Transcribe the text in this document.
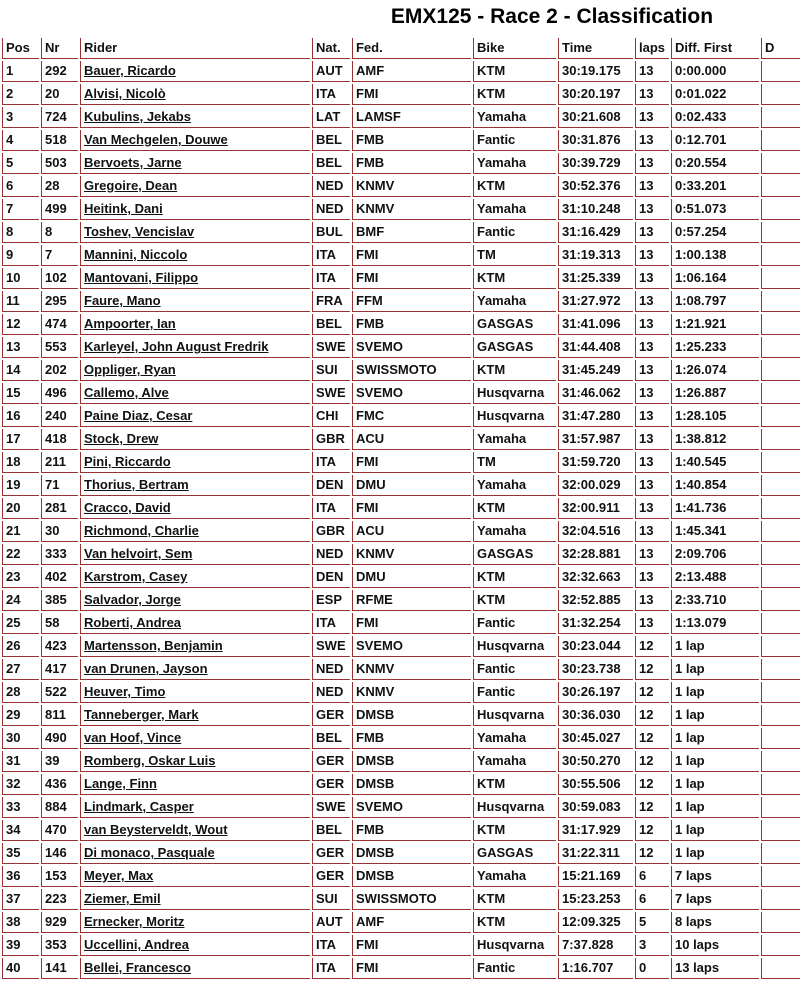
EMX125 - Race 2 - Classification
Pos	Nr	Rider	Nat.	Fed.	Bike	Time	laps	Diff. First	D
1	292	Bauer, Ricardo	AUT	AMF	KTM	30:19.175	13	0:00.000	
2	20	Alvisi, Nicolò	ITA	FMI	KTM	30:20.197	13	0:01.022	
3	724	Kubulins, Jekabs	LAT	LAMSF	Yamaha	30:21.608	13	0:02.433	
4	518	Van Mechgelen, Douwe	BEL	FMB	Fantic	30:31.876	13	0:12.701	
5	503	Bervoets, Jarne	BEL	FMB	Yamaha	30:39.729	13	0:20.554	
6	28	Gregoire, Dean	NED	KNMV	KTM	30:52.376	13	0:33.201	
7	499	Heitink, Dani	NED	KNMV	Yamaha	31:10.248	13	0:51.073	
8	8	Toshev, Vencislav	BUL	BMF	Fantic	31:16.429	13	0:57.254	
9	7	Mannini, Niccolo	ITA	FMI	TM	31:19.313	13	1:00.138	
10	102	Mantovani, Filippo	ITA	FMI	KTM	31:25.339	13	1:06.164	
11	295	Faure, Mano	FRA	FFM	Yamaha	31:27.972	13	1:08.797	
12	474	Ampoorter, Ian	BEL	FMB	GASGAS	31:41.096	13	1:21.921	
13	553	Karleyel, John August Fredrik	SWE	SVEMO	GASGAS	31:44.408	13	1:25.233	
14	202	Oppliger, Ryan	SUI	SWISSMOTO	KTM	31:45.249	13	1:26.074	
15	496	Callemo, Alve	SWE	SVEMO	Husqvarna	31:46.062	13	1:26.887	
16	240	Paine Diaz, Cesar	CHI	FMC	Husqvarna	31:47.280	13	1:28.105	
17	418	Stock, Drew	GBR	ACU	Yamaha	31:57.987	13	1:38.812	
18	211	Pini, Riccardo	ITA	FMI	TM	31:59.720	13	1:40.545	
19	71	Thorius, Bertram	DEN	DMU	Yamaha	32:00.029	13	1:40.854	
20	281	Cracco, David	ITA	FMI	KTM	32:00.911	13	1:41.736	
21	30	Richmond, Charlie	GBR	ACU	Yamaha	32:04.516	13	1:45.341	
22	333	Van helvoirt, Sem	NED	KNMV	GASGAS	32:28.881	13	2:09.706	
23	402	Karstrom, Casey	DEN	DMU	KTM	32:32.663	13	2:13.488	
24	385	Salvador, Jorge	ESP	RFME	KTM	32:52.885	13	2:33.710	
25	58	Roberti, Andrea	ITA	FMI	Fantic	31:32.254	13	1:13.079	
26	423	Martensson, Benjamin	SWE	SVEMO	Husqvarna	30:23.044	12	1 lap	
27	417	van Drunen, Jayson	NED	KNMV	Fantic	30:23.738	12	1 lap	
28	522	Heuver, Timo	NED	KNMV	Fantic	30:26.197	12	1 lap	
29	811	Tanneberger, Mark	GER	DMSB	Husqvarna	30:36.030	12	1 lap	
30	490	van Hoof, Vince	BEL	FMB	Yamaha	30:45.027	12	1 lap	
31	39	Romberg, Oskar Luis	GER	DMSB	Yamaha	30:50.270	12	1 lap	
32	436	Lange, Finn	GER	DMSB	KTM	30:55.506	12	1 lap	
33	884	Lindmark, Casper	SWE	SVEMO	Husqvarna	30:59.083	12	1 lap	
34	470	van Beysterveldt, Wout	BEL	FMB	KTM	31:17.929	12	1 lap	
35	146	Di monaco, Pasquale	GER	DMSB	GASGAS	31:22.311	12	1 lap	
36	153	Meyer, Max	GER	DMSB	Yamaha	15:21.169	6	7 laps	
37	223	Ziemer, Emil	SUI	SWISSMOTO	KTM	15:23.253	6	7 laps	
38	929	Ernecker, Moritz	AUT	AMF	KTM	12:09.325	5	8 laps	
39	353	Uccellini, Andrea	ITA	FMI	Husqvarna	7:37.828	3	10 laps	
40	141	Bellei, Francesco	ITA	FMI	Fantic	1:16.707	0	13 laps	
